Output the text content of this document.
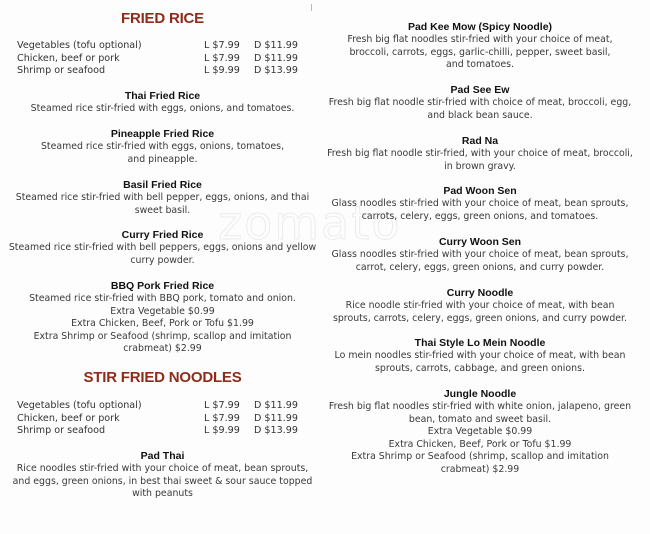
zomato
FRIED RICE
Vegetables (tofu optional)	L $7.99 D $11.99
Chicken, beef or pork	L $7.99 D $11.99
Shrimp or seafood	L $9.99 D $13.99
Thai Fried Rice
Steamed rice stir-fried with eggs, onions, and tomatoes.
Pineapple Fried Rice
Steamed rice stir-fried with eggs, onions, tomatoes,
and pineapple.
Basil Fried Rice
Steamed rice stir-fried with bell pepper, eggs, onions, and thai
sweet basil.
Curry Fried Rice
Steamed rice stir-fried with bell peppers, eggs, onions and yellow
curry powder.
BBQ Pork Fried Rice
Steamed rice stir-fried with BBQ pork, tomato and onion.
Extra Vegetable $0.99
Extra Chicken, Beef, Pork or Tofu $1.99
Extra Shrimp or Seafood (shrimp, scallop and imitation
crabmeat) $2.99
STIR FRIED NOODLES
Vegetables (tofu optional)	L $7.99 D $11.99
Chicken, beef or pork	L $7.99 D $11.99
Shrimp or seafood	L $9.99 D $13.99
Pad Thai
Rice noodles stir-fried with your choice of meat, bean sprouts,
and eggs, green onions, in best thai sweet & sour sauce topped
with peanuts
Pad Kee Mow (Spicy Noodle)
Fresh big flat noodles stir-fried with your choice of meat,
broccoli, carrots, eggs, garlic-chilli, pepper, sweet basil,
and tomatoes.
Pad See Ew
Fresh big flat noodle stir-fried with choice of meat, broccoli, egg,
and black bean sauce.
Rad Na
Fresh big flat noodle stir-fried, with your choice of meat, broccoli,
in brown gravy.
Pad Woon Sen
Glass noodles stir-fried with your choice of meat, bean sprouts,
carrots, celery, eggs, green onions, and tomatoes.
Curry Woon Sen
Glass noodles stir-fried with your choice of meat, bean sprouts,
carrot, celery, eggs, green onions, and curry powder.
Curry Noodle
Rice noodle stir-fried with your choice of meat, with bean
sprouts, carrots, celery, eggs, green onions, and curry powder.
Thai Style Lo Mein Noodle
Lo mein noodles stir-fried with your choice of meat, with bean
sprouts, carrots, cabbage, and green onions.
Jungle Noodle
Fresh big flat noodles stir-fried with white onion, jalapeno, green
bean, tomato and sweet basil.
Extra Vegetable $0.99
Extra Chicken, Beef, Pork or Tofu $1.99
Extra Shrimp or Seafood (shrimp, scallop and imitation
crabmeat) $2.99
